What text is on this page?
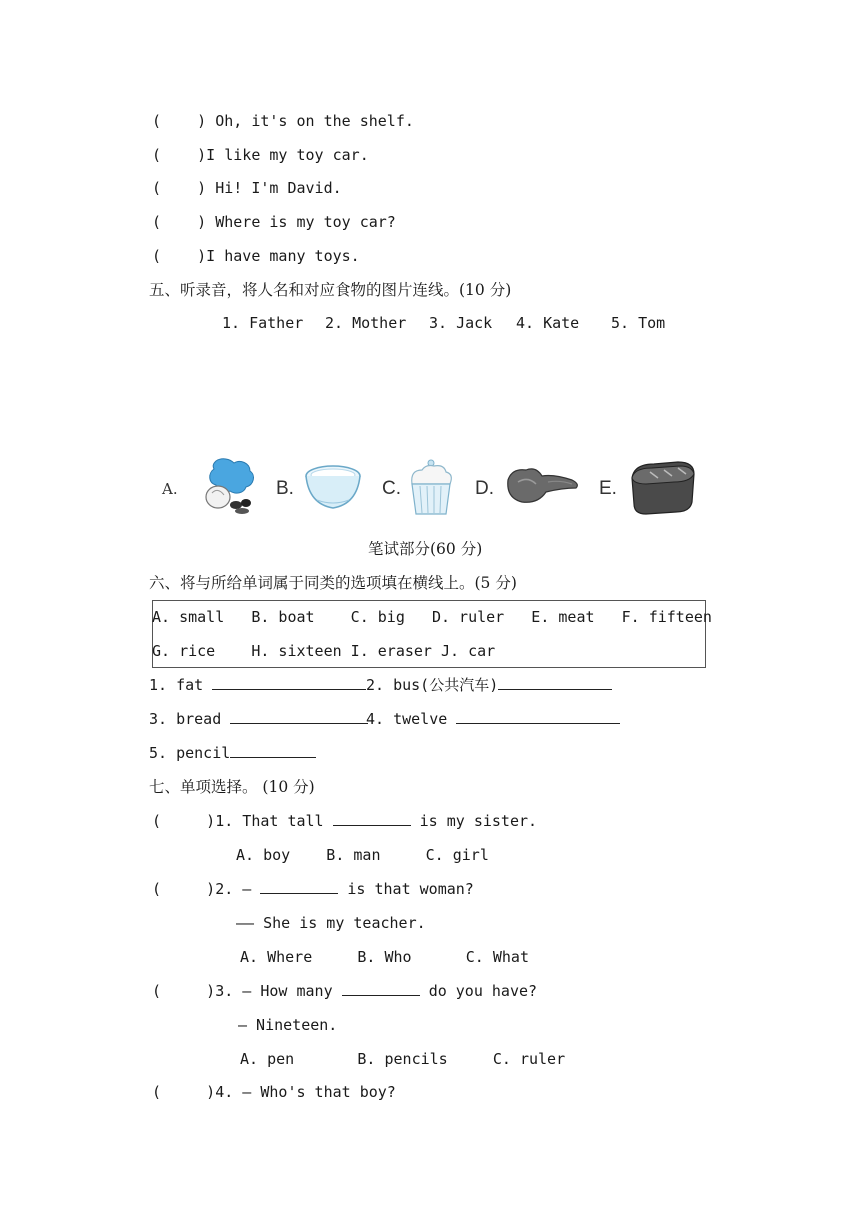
(    ) Oh, it's on the shelf.
(    )I like my toy car.
(    ) Hi! I'm David.
(    ) Where is my toy car?
(    )I have many toys.
五、听录音，将人名和对应食物的图片连线。(10 分)
1. Father 2. Mother 3. Jack 4. Kate 5. Tom
A.	B.	C.	D.	E.
笔试部分(60 分)
六、将与所给单词属于同类的选项填在横线上。(5 分)
A. small   B. boat    C. big   D. ruler   E. meat   F. fifteen
G. rice    H. sixteen I. eraser J. car
1. fat	2. bus(公共汽车)
3. bread	4. twelve
5. pencil
七、单项选择。 (10 分)
(     )1. That tall	is my sister.
A. boy    B. man     C. girl
(     )2. —	is that woman?
—— She is my teacher.
A. Where     B. Who      C. What
(     )3. — How many	do you have?
— Nineteen.
A. pen       B. pencils     C. ruler
(     )4. — Who's that boy?
